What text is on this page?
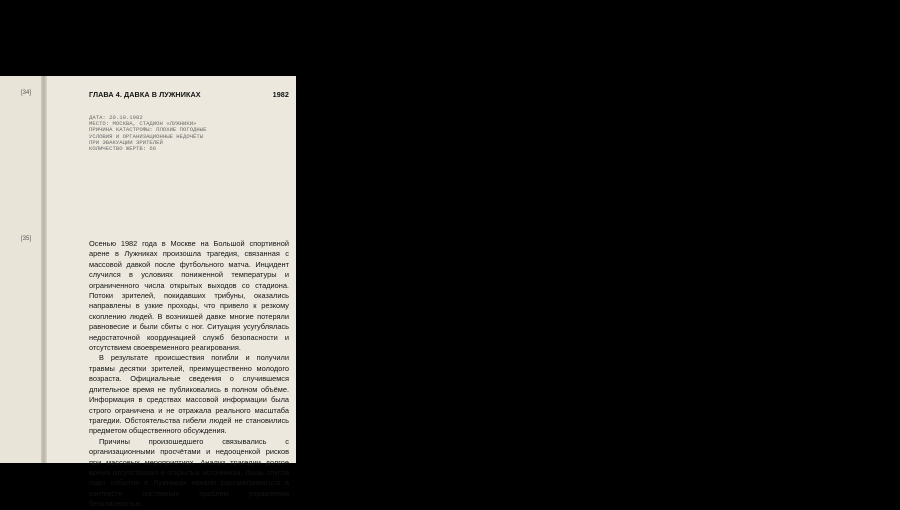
[34]
[35]
ГЛАВА 4. ДАВКА В ЛУЖНИКАХ	1982
ДАТА: 20.10.1982
МЕСТО: МОСКВА, СТАДИОН «ЛУЖНИКИ»
ПРИЧИНА КАТАСТРОФЫ: ПЛОХИЕ ПОГОДНЫЕ
УСЛОВИЯ И ОРГАНИЗАЦИОННЫЕ НЕДОЧЁТЫ
ПРИ ЭВАКУАЦИИ ЗРИТЕЛЕЙ
КОЛИЧЕСТВО ЖЕРТВ: 66

Осенью 1982 года в Москве на Большой спортивной арене в Лужниках произошла трагедия, связанная с массовой давкой после футбольного матча. Инцидент случился в условиях пониженной температуры и ограниченного числа открытых выходов со стадиона. Потоки зрителей, покидавших трибуны, оказались направлены в узкие проходы, что привело к резкому скоплению людей. В возникшей давке многие потеряли равновесие и были сбиты с ног. Ситуация усугублялась недостаточной координацией служб безопасности и отсутствием своевременного реагирования.

В результате происшествия погибли и получили травмы десятки зрителей, преимущественно молодого возраста. Официальные сведения о случившемся длительное время не публиковались в полном объёме. Информация в средствах массовой информации была строго ограничена и не отражала реального масштаба трагедии. Обстоятельства гибели людей не становились предметом общественного обсуждения.

Причины произошедшего связывались с организационными просчётами и недооценкой рисков при массовых мероприятиях. Анализ трагедии долгое время отсутствовал в открытых источниках. Лишь спустя годы события в Лужниках начали рассматриваться в контексте системных проблем управления безопасностью.
